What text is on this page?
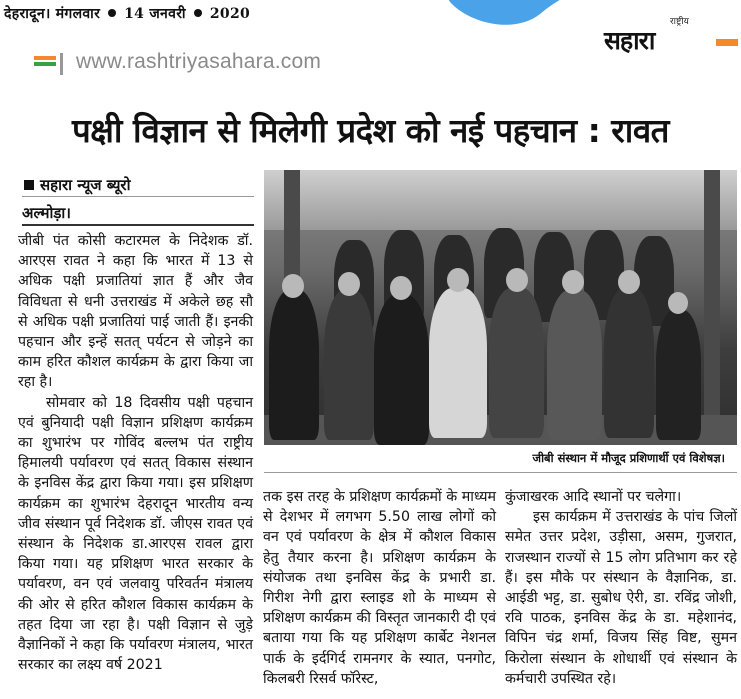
देहरादून। मंगलवार 14 जनवरी 2020	राष्ट्रीय
सहारा
www.rashtriyasahara.com
पक्षी विज्ञान से मिलेगी प्रदेश को नई पहचान : रावत
सहारा न्यूज ब्यूरो
अल्मोड़ा।

जीबी पंत कोसी कटारमल के निदेशक डॉ. आरएस रावत ने कहा कि भारत में 13 से अधिक पक्षी प्रजातियां ज्ञात हैं और जैव विविधता से धनी उत्तराखंड में अकेले छह सौ से अधिक पक्षी प्रजातियां पाई जाती हैं। इनकी पहचान और इन्हें सतत् पर्यटन से जोड़ने का काम हरित कौशल कार्यक्रम के द्वारा किया जा रहा है।

सोमवार को 18 दिवसीय पक्षी पहचान एवं बुनियादी पक्षी विज्ञान प्रशिक्षण कार्यक्रम का शुभारंभ पर गोविंद बल्लभ पंत राष्ट्रीय हिमालयी पर्यावरण एवं सतत् विकास संस्थान के इनविस केंद्र द्वारा किया गया। इस प्रशिक्षण कार्यक्रम का शुभारंभ देहरादून भारतीय वन्य जीव संस्थान पूर्व निदेशक डॉ. जीएस रावत एवं संस्थान के निदेशक डा.आरएस रावल द्वारा किया गया। यह प्रशिक्षण भारत सरकार के पर्यावरण, वन एवं जलवायु परिवर्तन मंत्रालय की ओर से हरित कौशल विकास कार्यक्रम के तहत दिया जा रहा है। पक्षी विज्ञान से जुड़े वैज्ञानिकों ने कहा कि पर्यावरण मंत्रालय, भारत सरकार का लक्ष्य वर्ष 2021

जीबी संस्थान में मौजूद प्रशिणार्थी एवं विशेषज्ञ।

तक इस तरह के प्रशिक्षण कार्यक्रमों के माध्यम से देशभर में लगभग 5.50 लाख लोगों को वन एवं पर्यावरण के क्षेत्र में कौशल विकास हेतु तैयार करना है। प्रशिक्षण कार्यक्रम के संयोजक तथा इनविस केंद्र के प्रभारी डा. गिरीश नेगी द्वारा स्लाइड शो के माध्यम से प्रशिक्षण कार्यक्रम की विस्तृत जानकारी दी एवं बताया गया कि यह प्रशिक्षण कार्बेट नेशनल पार्क के इर्दगिर्द रामनगर के स्यात, पनगोट, किलबरी रिसर्व फॉरेस्ट,

कुंजाखरक आदि स्थानों पर चलेगा।

इस कार्यक्रम में उत्तराखंड के पांच जिलों समेत उत्तर प्रदेश, उड़ीसा, असम, गुजरात, राजस्थान राज्यों से 15 लोग प्रतिभाग कर रहे हैं। इस मौके पर संस्थान के वैज्ञानिक, डा. आईडी भट्ट, डा. सुबोध ऐरी, डा. रविंद्र जोशी, रवि पाठक, इनविस केंद्र के डा. महेशानंद, विपिन चंद्र शर्मा, विजय सिंह विष्ट, सुमन किरोला संस्थान के शोधार्थी एवं संस्थान के कर्मचारी उपस्थित रहे।
